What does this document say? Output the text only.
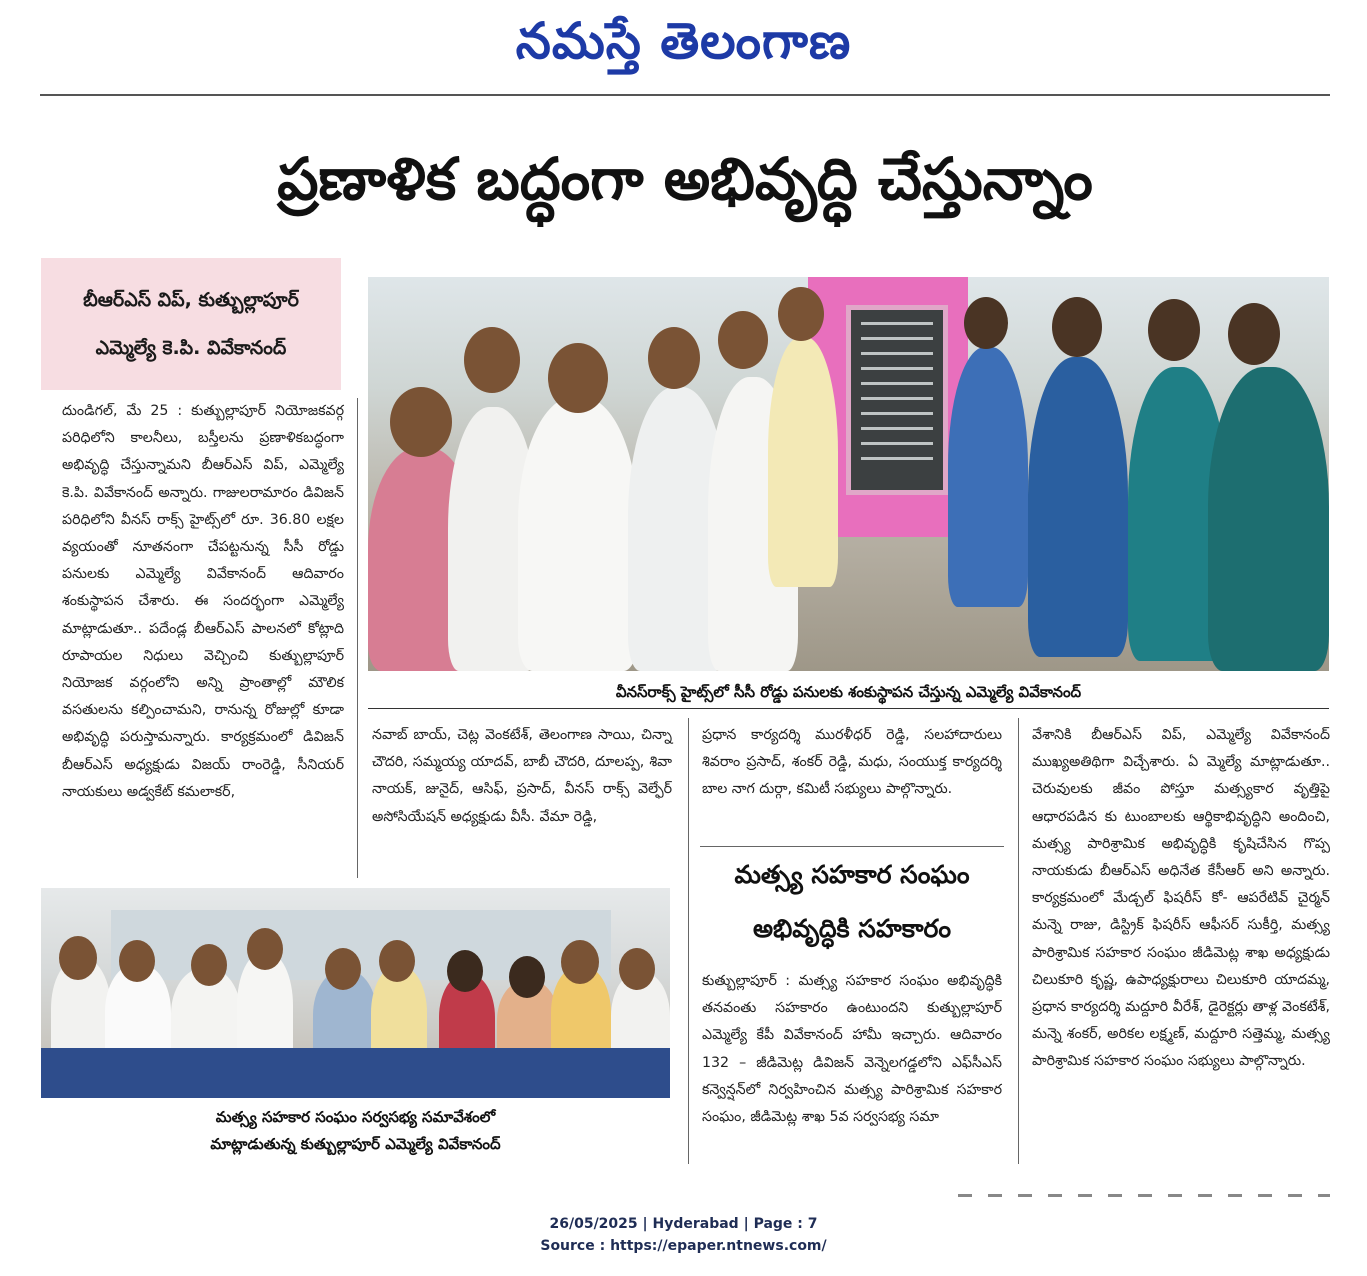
నమస్తే తెలంగాణ
ప్రణాళిక బద్ధంగా అభివృద్ధి చేస్తున్నాం
బీఆర్ఎస్ విప్, కుత్బుల్లాపూర్
ఎమ్మెల్యే కె.పి. వివేకానంద్
వీనస్‌రాక్స్ హైట్స్‌లో సీసీ రోడ్డు పనులకు శంకుస్థాపన చేస్తున్న ఎమ్మెల్యే వివేకానంద్

దుండిగల్, మే 25 : కుత్బుల్లాపూర్ నియోజకవర్గ పరిధిలోని కాలనీలు, బస్తీలను ప్రణాళికబద్ధంగా అభివృద్ధి చేస్తున్నామని బీఆర్ఎస్ విప్, ఎమ్మెల్యే కె.పి. వివేకానంద్ అన్నారు. గాజులరామారం డివిజన్ పరిధిలోని వీనస్ రాక్స్ హైట్స్‌లో రూ. 36.80 లక్షల వ్యయంతో నూతనంగా చేపట్టనున్న సీసీ రోడ్డు పనులకు ఎమ్మెల్యే వివేకానంద్ ఆదివారం శంకుస్థాపన చేశారు. ఈ సందర్భంగా ఎమ్మెల్యే మాట్లాడుతూ.. పదేండ్ల బీఆర్ఎస్ పాలనలో కోట్లాది రూపాయల నిధులు వెచ్చించి కుత్బుల్లాపూర్ నియోజక వర్గంలోని అన్ని ప్రాంతాల్లో మౌలిక వసతులను కల్పించామని, రానున్న రోజుల్లో కూడా అభివృద్ధి పరుస్తామన్నారు. కార్యక్రమంలో డివిజన్ బీఆర్ఎస్ అధ్యక్షుడు విజయ్ రాంరెడ్డి, సీనియర్ నాయకులు అడ్వకేట్ కమలాకర్,

నవాబ్ బాయ్, చెట్ల వెంకటేశ్, తెలంగాణ సాయి, చిన్నా చౌదరి, సమ్మయ్య యాదవ్, బాబీ చౌదరి, దూలప్ప, శివా నాయక్, జునైద్, ఆసిఫ్, ప్రసాద్, వీనస్ రాక్స్ వెల్ఫేర్ అసోసియేషన్ అధ్యక్షుడు వీసీ. వేమా రెడ్డి,

ప్రధాన కార్యదర్శి మురళీధర్ రెడ్డి, సలహాదారులు శివరాం ప్రసాద్, శంకర్ రెడ్డి, మధు, సంయుక్త కార్యదర్శి బాల నాగ దుర్గా, కమిటీ సభ్యులు పాల్గొన్నారు.

మత్స్య సహకార సంఘం సర్వసభ్య సమావేశంలో
మాట్లాడుతున్న కుత్బుల్లాపూర్ ఎమ్మెల్యే వివేకానంద్
మత్స్య సహకార సంఘం
అభివృద్ధికి సహకారం

కుత్బుల్లాపూర్ : మత్స్య సహకార సంఘం అభివృద్ధికి తనవంతు సహకారం ఉంటుందని కుత్బుల్లాపూర్ ఎమ్మెల్యే కేపీ వివేకానంద్ హామీ ఇచ్చారు. ఆదివారం 132 – జీడిమెట్ల డివిజన్ వెన్నెలగడ్డలోని ఎఫ్‌సీఎస్ కన్వెన్షన్‌లో నిర్వహించిన మత్స్య పారిశ్రామిక సహకార సంఘం, జీడిమెట్ల శాఖ 5వ సర్వసభ్య సమా

వేశానికి బీఆర్ఎస్ విప్, ఎమ్మెల్యే వివేకానంద్ ముఖ్యఅతిథిగా విచ్చేశారు. ఏ మ్మెల్యే మాట్లాడుతూ.. చెరువులకు జీవం పోస్తూ మత్స్యకార వృత్తిపై ఆధారపడిన కు టుంబాలకు ఆర్థికాభివృద్ధిని అందించి, మత్స్య పారిశ్రామిక అభివృద్ధికి కృషిచేసిన గొప్ప నాయకుడు బీఆర్ఎస్ అధినేత కేసీఆర్ అని అన్నారు. కార్యక్రమంలో మేడ్చల్ ఫిషరీస్ కో- ఆపరేటివ్ చైర్మన్ మన్నె రాజు, డిస్ట్రిక్ ఫిషరీస్ ఆఫీసర్ సుకీర్తి, మత్స్య పారిశ్రామిక సహకార సంఘం జీడిమెట్ల శాఖ అధ్యక్షుడు చిలుకూరి కృష్ణ, ఉపాధ్యక్షురాలు చిలుకూరి యాదమ్మ, ప్రధాన కార్యదర్శి మద్దూరి వీరేశ్, డైరెక్టర్లు తాళ్ల వెంకటేశ్, మన్నె శంకర్, అరికల లక్ష్మణ్, మద్దూరి సత్తెమ్మ, మత్స్య పారిశ్రామిక సహకార సంఘం సభ్యులు పాల్గొన్నారు.

26/05/2025 | Hyderabad | Page : 7
Source : https://epaper.ntnews.com/
